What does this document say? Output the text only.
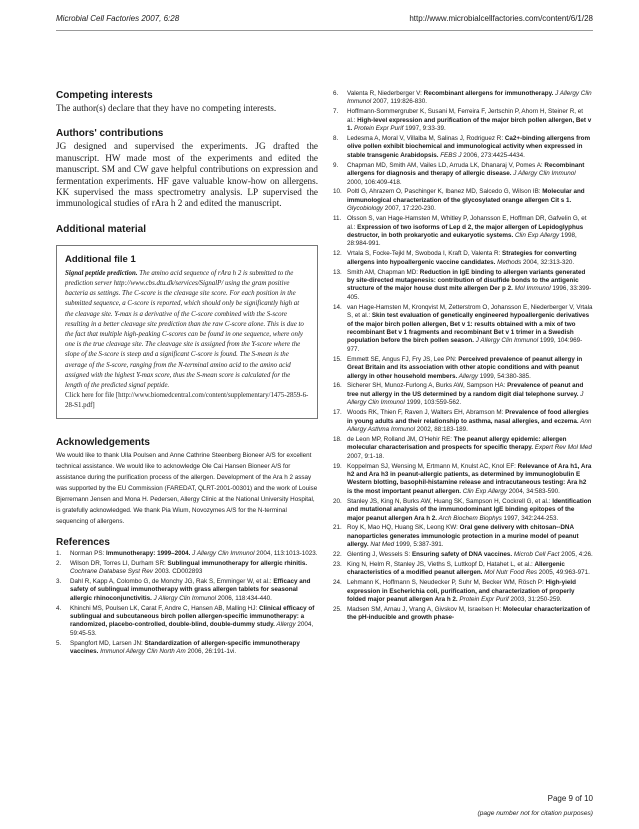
Microbial Cell Factories 2007, 6:28	http://www.microbialcellfactories.com/content/6/1/28
Competing interests

The author(s) declare that they have no competing interests.

Authors' contributions

JG designed and supervised the experiments. JG drafted the manuscript. HW made most of the experiments and edited the manuscript. SM and CW gave helpful contributions on expression and fermentation experiments. HF gave valuable know-how on allergens. KK supervised the mass spectrometry analysis. LP supervised the immunological studies of rAra h 2 and edited the manuscript.

Additional material
Additional file 1
Signal peptide prediction. The amino acid sequence of rAra h 2 is submitted to the prediction server http://www.cbs.dtu.dk/services/SignalP/ using the gram positive bacteria as settings. The C-score is the cleavage site score. For each position in the submitted sequence, a C-score is reported, which should only be significantly high at the cleavage site. Y-max is a derivative of the C-score combined with the S-score resulting in a better cleavage site prediction than the raw C-score alone. This is due to the fact that multiple high-peaking C-scores can be found in one sequence, where only one is the true cleavage site. The cleavage site is assigned from the Y-score where the slope of the S-score is steep and a significant C-score is found. The S-mean is the average of the S-score, ranging from the N-terminal amino acid to the amino acid assigned with the highest Y-max score, thus the S-mean score is calculated for the length of the predicted signal peptide.
Click here for file [http://www.biomedcentral.com/content/supplementary/1475-2859-6-28-S1.pdf]
Acknowledgements

We would like to thank Ulla Poulsen and Anne Cathrine Steenberg Bioneer A/S for excellent technical assistance. We would like to acknowledge Ole Cai Hansen Bioneer A/S for assistance during the purification process of the allergen. Development of the Ara h 2 assay was supported by the EU Commission (FAREDAT, QLRT-2001-00301) and the work of Louise Bjerremann Jensen and Mona H. Pedersen, Allergy Clinic at the National University Hospital, is gratefully acknowledged. We thank Pia Wium, Novozymes A/S for the N-terminal sequencing of allergens.

References
1.	Norman PS: Immunotherapy: 1999–2004. J Allergy Clin Immunol 2004, 113:1013-1023.
2.	Wilson DR, Torres LI, Durham SR: Sublingual immunotherapy for allergic rhinitis. Cochrane Database Syst Rev 2003. CD002893
3.	Dahl R, Kapp A, Colombo G, de Monchy JG, Rak S, Emminger W, et al.: Efficacy and safety of sublingual immunotherapy with grass allergen tablets for seasonal allergic rhinoconjunctivitis. J Allergy Clin Immunol 2006, 118:434-440.
4.	Khinchi MS, Poulsen LK, Carat F, Andre C, Hansen AB, Malling HJ: Clinical efficacy of sublingual and subcutaneous birch pollen allergen-specific immunotherapy: a randomized, placebo-controlled, double-blind, double-dummy study. Allergy 2004, 59:45-53.
5.	Spangfort MD, Larsen JN: Standardization of allergen-specific immunotherapy vaccines. Immunol Allergy Clin North Am 2006, 26:191-1vi.
6.	Valenta R, Niederberger V: Recombinant allergens for immunotherapy. J Allergy Clin Immunol 2007, 119:826-830.
7.	Hoffmann-Sommergruber K, Susani M, Ferreira F, Jertschin P, Ahorn H, Steiner R, et al.: High-level expression and purification of the major birch pollen allergen, Bet v 1. Protein Expr Purif 1997, 9:33-39.
8.	Ledesma A, Moral V, Villalba M, Salinas J, Rodriguez R: Ca2+-binding allergens from olive pollen exhibit biochemical and immunological activity when expressed in stable transgenic Arabidopsis. FEBS J 2006, 273:4425-4434.
9.	Chapman MD, Smith AM, Vailes LD, Arruda LK, Dhanaraj V, Pomes A: Recombinant allergens for diagnosis and therapy of allergic disease. J Allergy Clin Immunol 2000, 106:409-418.
10. Poltl G, Ahrazem O, Paschinger K, Ibanez MD, Salcedo G, Wilson IB: Molecular and immunological characterization of the glycosylated orange allergen Cit s 1. Glycobiology 2007, 17:220-230.
11. Olsson S, van Hage-Hamsten M, Whitley P, Johansson E, Hoffman DR, Gafvelin G, et al.: Expression of two isoforms of Lep d 2, the major allergen of Lepidoglyphus destructor, in both prokaryotic and eukaryotic systems. Clin Exp Allergy 1998, 28:984-991.
12. Vrtala S, Focke-Tejkl M, Swoboda I, Kraft D, Valenta R: Strategies for converting allergens into hypoallergenic vaccine candidates. Methods 2004, 32:313-320.
13. Smith AM, Chapman MD: Reduction in IgE binding to allergen variants generated by site-directed mutagenesis: contribution of disulfide bonds to the antigenic structure of the major house dust mite allergen Der p 2. Mol Immunol 1996, 33:399-405.
14. van Hage-Hamsten M, Kronqvist M, Zetterstrom O, Johansson E, Niederberger V, Vrtala S, et al.: Skin test evaluation of genetically engineered hypoallergenic derivatives of the major birch pollen allergen, Bet v 1: results obtained with a mix of two recombinant Bet v 1 fragments and recombinant Bet v 1 trimer in a Swedish population before the birch pollen season. J Allergy Clin Immunol 1999, 104:969-977.
15. Emmett SE, Angus FJ, Fry JS, Lee PN: Perceived prevalence of peanut allergy in Great Britain and its association with other atopic conditions and with peanut allergy in other household members. Allergy 1999, 54:380-385.
16. Sicherer SH, Munoz-Furlong A, Burks AW, Sampson HA: Prevalence of peanut and tree nut allergy in the US determined by a random digit dial telephone survey. J Allergy Clin Immunol 1999, 103:559-562.
17. Woods RK, Thien F, Raven J, Walters EH, Abramson M: Prevalence of food allergies in young adults and their relationship to asthma, nasal allergies, and eczema. Ann Allergy Asthma Immunol 2002, 88:183-189.
18. de Leon MP, Rolland JM, O'Hehir RE: The peanut allergy epidemic: allergen molecular characterisation and prospects for specific therapy. Expert Rev Mol Med 2007, 9:1-18.
19. Koppelman SJ, Wensing M, Ertmann M, Knulst AC, Knol EF: Relevance of Ara h1, Ara h2 and Ara h3 in peanut-allergic patients, as determined by immunoglobulin E Western blotting, basophil-histamine release and intracutaneous testing: Ara h2 is the most important peanut allergen. Clin Exp Allergy 2004, 34:583-590.
20. Stanley JS, King N, Burks AW, Huang SK, Sampson H, Cockrell G, et al.: Identification and mutational analysis of the immunodominant IgE binding epitopes of the major peanut allergen Ara h 2. Arch Biochem Biophys 1997, 342:244-253.
21. Roy K, Mao HQ, Huang SK, Leong KW: Oral gene delivery with chitosan--DNA nanoparticles generates immunologic protection in a murine model of peanut allergy. Nat Med 1999, 5:387-391.
22. Glenting J, Wessels S: Ensuring safety of DNA vaccines. Microb Cell Fact 2005, 4:26.
23. King N, Helm R, Stanley JS, Vieths S, Luttkopf D, Hatahet L, et al.: Allergenic characteristics of a modified peanut allergen. Mol Nutr Food Res 2005, 49:963-971.
24. Lehmann K, Hoffmann S, Neudecker P, Suhr M, Becker WM, Rösch P: High-yield expression in Escherichia coli, purification, and characterization of properly folded major peanut allergen Ara h 2. Protein Expr Purif 2003, 31:250-259.
25. Madsen SM, Arnau J, Vrang A, Givskov M, Israelsen H: Molecular characterization of the pH-inducible and growth phase-
Page 9 of 10
(page number not for citation purposes)
